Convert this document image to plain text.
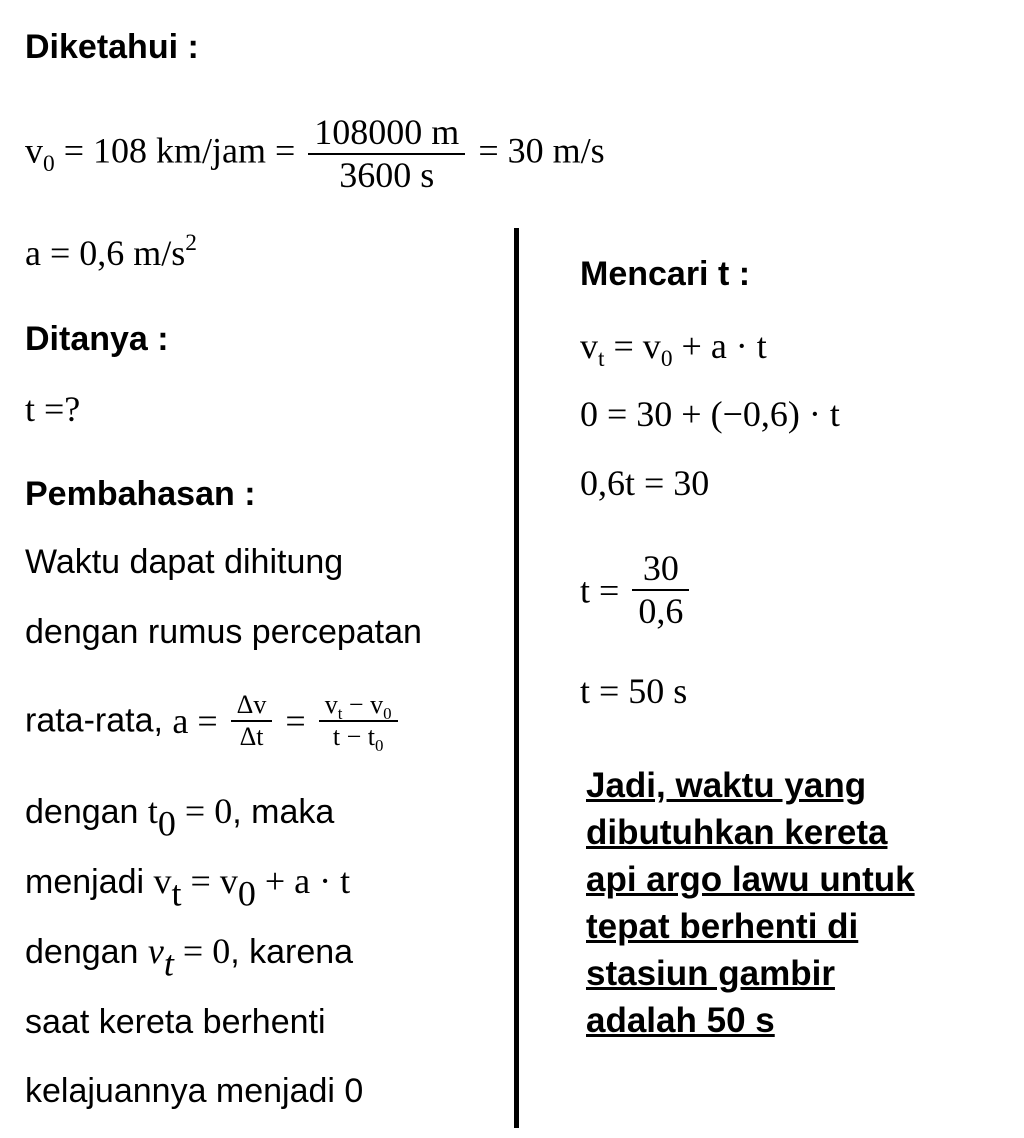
Diketahui :
$v_0 = 108$ $km/jam = \frac{108000 m}{3600 s} = 30$ m/s
a = 0,6 $m/s^2$
Ditanya :
t =?
Pembahasan :
Waktu dapat dihitung
dengan rumus percepatan
rata-rata, $a = \frac{\Delta v}{\Delta t} = \frac{v_t - v_0}{t - t_0}$
dengan $t_0 = 0$, maka
menjadi $v_t = v_0 + a \cdot t$
dengan $v_t = 0$, karena
saat kereta berhenti
kelajuannya menjadi 0
Mencari t :
$v_t = v_0 + a \cdot t$
0 = 30 + (−0,6) · t
0,6t = 30
$t = \frac{30}{0,6}$
t = 50 s
Jadi, waktu yang
dibutuhkan kereta
api argo lawu untuk
tepat berhenti di
stasiun gambir
adalah 50 s
